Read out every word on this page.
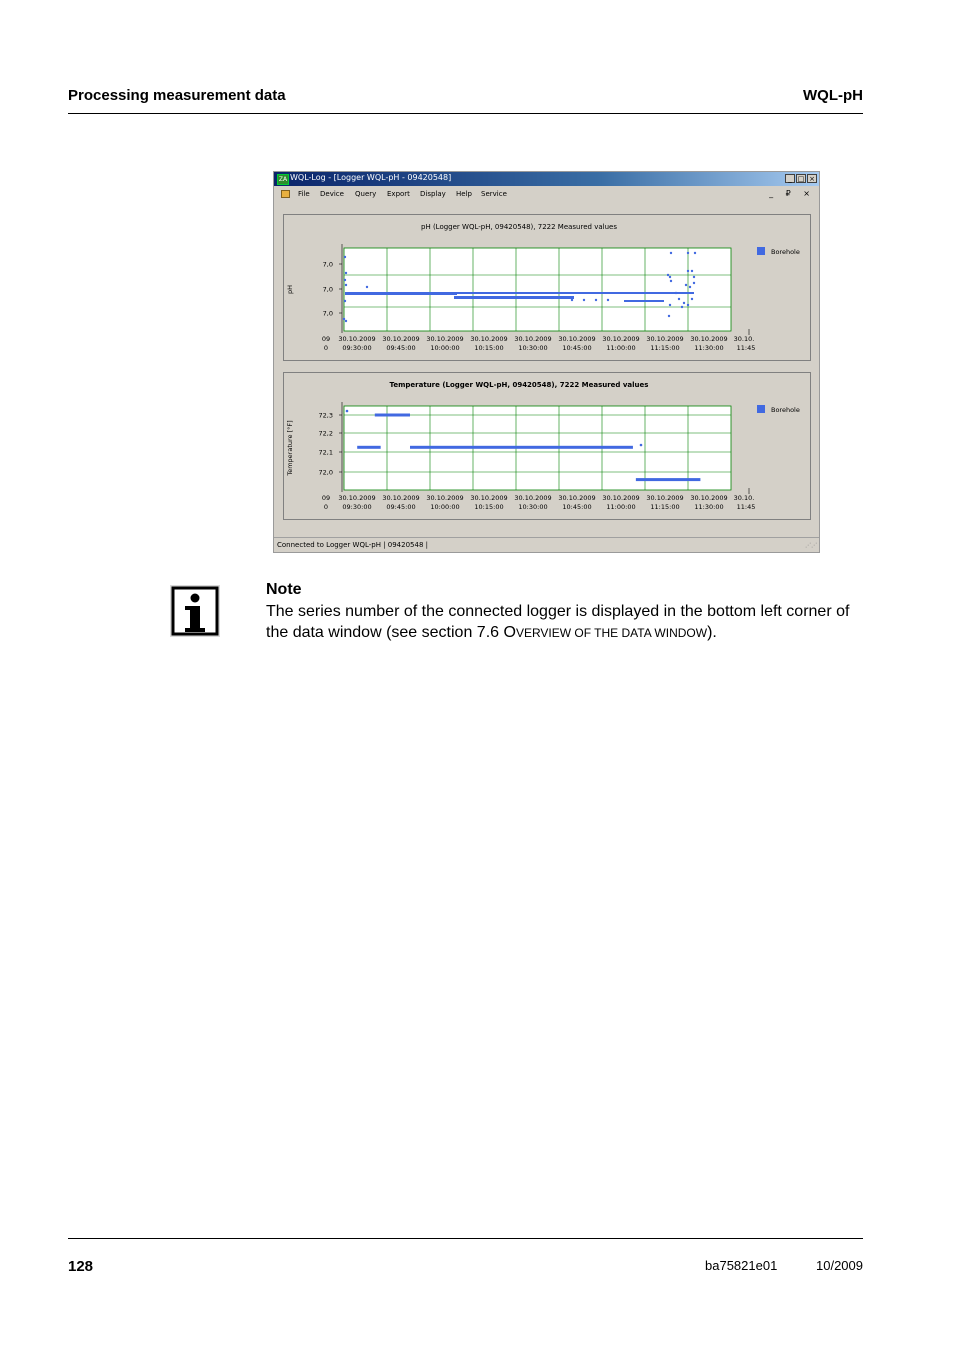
Processing measurement data	WQL-pH
ZA WQL-Log - [Logger WQL-pH - 09420548]	_ □ ×
File Device Query Export Display Help Service	_ ₽ ×
pH (Logger WQL-pH, 09420548), 7222 Measured values
7,0
7,0
7,0
pH
09
0
30.10.2009
09:30:00
30.10.2009
09:45:00
30.10.2009
10:00:00
30.10.2009
10:15:00
30.10.2009
10:30:00
30.10.2009
10:45:00
30.10.2009
11:00:00
30.10.2009
11:15:00
30.10.2009
11:30:00
30.10.
11:45
Borehole
Temperature (Logger WQL-pH, 09420548), 7222 Measured values
72,3
72,2
72,1
72,0
Temperature [°F]
09
0
30.10.2009
09:30:00
30.10.2009
09:45:00
30.10.2009
10:00:00
30.10.2009
10:15:00
30.10.2009
10:30:00
30.10.2009
10:45:00
30.10.2009
11:00:00
30.10.2009
11:15:00
30.10.2009
11:30:00
30.10.
11:45
Borehole
Connected to Logger WQL-pH | 09420548 |	⋰⋰
Note
The series number of the connected logger is displayed in the bottom left corner of the data window (see section 7.6 OVERVIEW OF THE DATA WINDOW).
128	ba75821e01	10/2009
